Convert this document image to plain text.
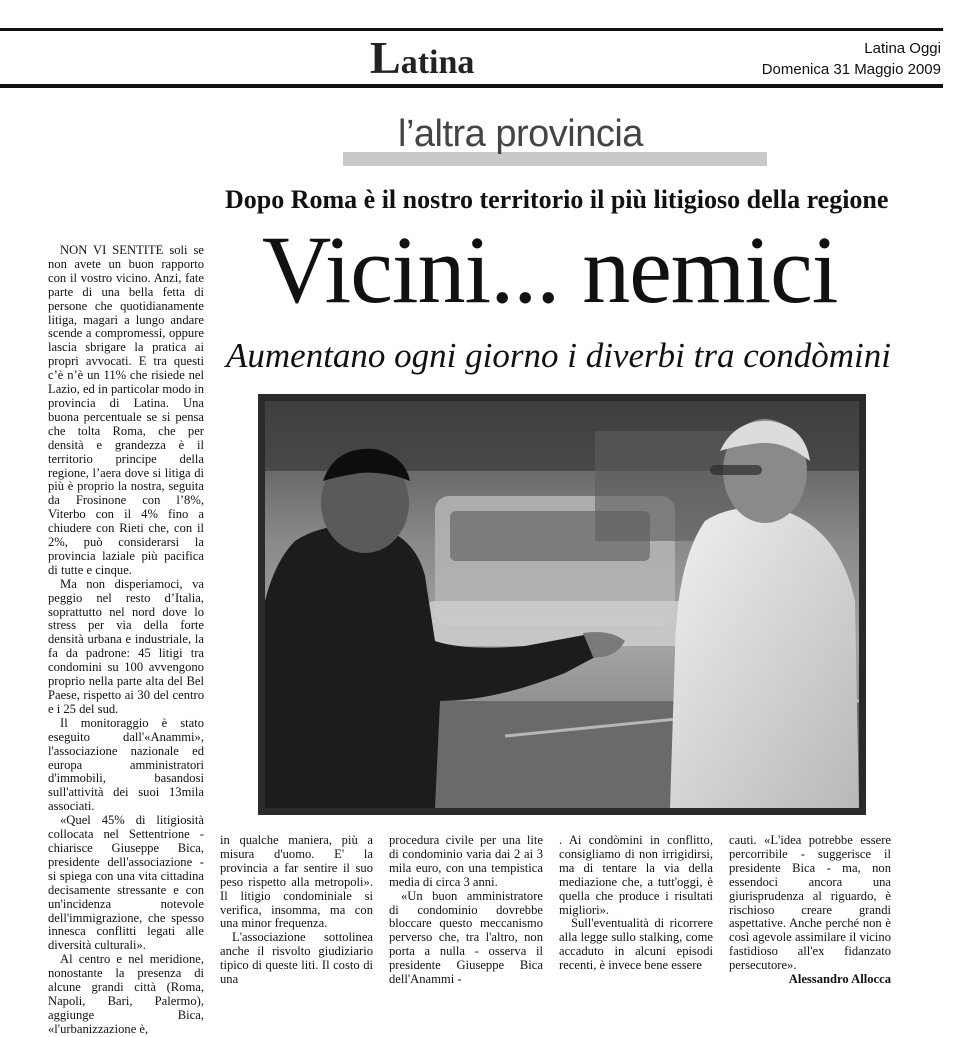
Latina	Latina Oggi
Domenica 31 Maggio 2009
l’altra provincia
Dopo Roma è il nostro territorio il più litigioso della regione
Vicini... nemici
Aumentano ogni giorno i diverbi tra condòmini

NON VI SENTITE soli se non avete un buon rapporto con il vostro vicino. Anzi, fate parte di una bella fetta di persone che quotidianamente litiga, magari a lungo andare scende a compromessi, oppure lascia sbrigare la pratica ai propri avvocati. E tra questi c’è n’è un 11% che risiede nel Lazio, ed in particolar modo in provincia di Latina. Una buona percentuale se si pensa che tolta Roma, che per densità e grandezza è il territorio principe della regione, l’aera dove si litiga di più è proprio la nostra, seguita da Frosinone con l’8%, Viterbo con il 4% fino a chiudere con Rieti che, con il 2%, può considerarsi la provincia laziale più pacifica di tutte e cinque.

Ma non disperiamoci, va peggio nel resto d’Italia, soprattutto nel nord dove lo stress per via della forte densità urbana e industriale, la fa da padrone: 45 litigi tra condomini su 100 avvengono proprio nella parte alta del Bel Paese, rispetto ai 30 del centro e i 25 del sud.

Il monitoraggio è stato eseguito dall'«Anammi», l'associazione nazionale ed europa amministratori d'immobili, basandosi sull'attività dei suoi 13mila associati.

«Quel 45% di litigiosità collocata nel Settentrione - chiarisce Giuseppe Bica, presidente dell'associazione - si spiega con una vita cittadina decisamente stressante e con un'incidenza notevole dell'immigrazione, che spesso innesca conflitti legati alle diversità culturali».

Al centro e nel meridione, nonostante la presenza di alcune grandi città (Roma, Napoli, Bari, Palermo), aggiunge Bica, «l'urbanizzazione è,

in qualche maniera, più a misura d'uomo. E' la provincia a far sentire il suo peso rispetto alla metropoli». Il litigio condominiale si verifica, insomma, ma con una minor frequenza.

L'associazione sottolinea anche il risvolto giudiziario tipico di queste liti. Il costo di una

procedura civile per una lite di condominio varia dai 2 ai 3 mila euro, con una tempistica media di circa 3 anni.

«Un buon amministratore di condominio dovrebbe bloccare questo meccanismo perverso che, tra l'altro, non porta a nulla - osserva il presidente Giuseppe Bica dell'Anammi -

. Ai condòmini in conflitto, consigliamo di non irrigidirsi, ma di tentare la via della mediazione che, a tutt'oggi, è quella che produce i risultati migliori».

Sull'eventualità di ricorrere alla legge sullo stalking, come accaduto in alcuni episodi recenti, è invece bene essere

cauti. «L'idea potrebbe essere percorribile - suggerisce il presidente Bica - ma, non essendoci ancora una giurisprudenza al riguardo, è rischioso creare grandi aspettative. Anche perché non è così agevole assimilare il vicino fastidioso all'ex fidanzato persecutore».

Alessandro Allocca
